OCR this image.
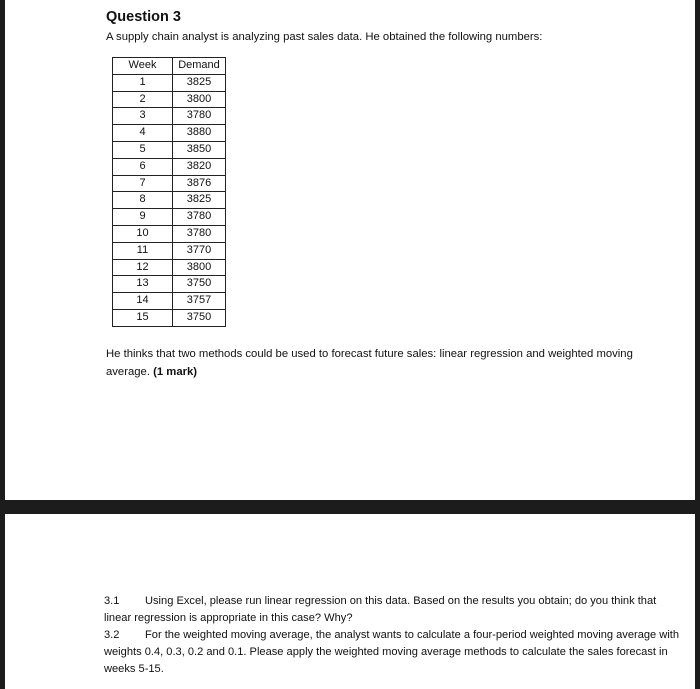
Question 3

A supply chain analyst is analyzing past sales data. He obtained the following numbers:

Week	Demand
1	3825
2	3800
3	3780
4	3880
5	3850
6	3820
7	3876
8	3825
9	3780
10	3780
11	3770
12	3800
13	3750
14	3757
15	3750

He thinks that two methods could be used to forecast future sales: linear regression and weighted moving average. (1 mark)

3.1 Using Excel, please run linear regression on this data. Based on the results you obtain; do you think that linear regression is appropriate in this case? Why?

3.2 For the weighted moving average, the analyst wants to calculate a four-period weighted moving average with weights 0.4, 0.3, 0.2 and 0.1. Please apply the weighted moving average methods to calculate the sales forecast in weeks 5-15.
